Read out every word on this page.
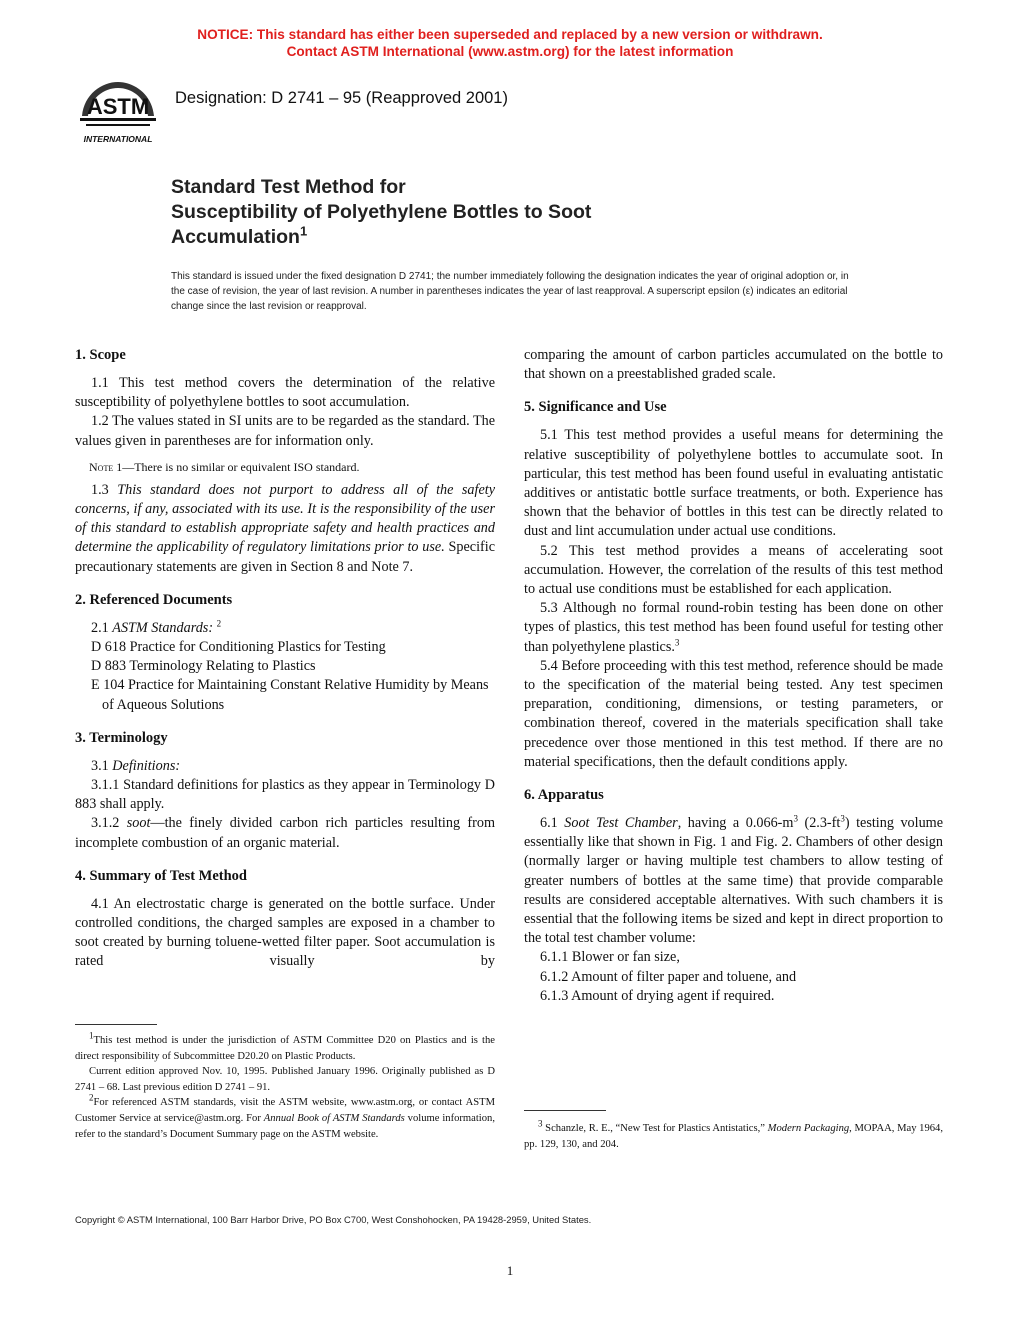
NOTICE: This standard has either been superseded and replaced by a new version or withdrawn.
Contact ASTM International (www.astm.org) for the latest information
ASTM
INTERNATIONAL
Designation: D 2741 – 95 (Reapproved 2001)
Standard Test Method for
Susceptibility of Polyethylene Bottles to Soot
Accumulation$^1$
This standard is issued under the fixed designation D 2741; the number immediately following the designation indicates the year of original adoption or, in the case of revision, the year of last revision. A number in parentheses indicates the year of last reapproval. A superscript epsilon (ε) indicates an editorial change since the last revision or reapproval.

1. Scope

1.1 This test method covers the determination of the relative susceptibility of polyethylene bottles to soot accumulation.

1.2 The values stated in SI units are to be regarded as the standard. The values given in parentheses are for information only.

Note 1—There is no similar or equivalent ISO standard.

1.3 This standard does not purport to address all of the safety concerns, if any, associated with its use. It is the responsibility of the user of this standard to establish appropriate safety and health practices and determine the applicability of regulatory limitations prior to use. Specific precautionary statements are given in Section 8 and Note 7.

2. Referenced Documents

2.1 ASTM Standards: $^2$

D 618 Practice for Conditioning Plastics for Testing

D 883 Terminology Relating to Plastics

E 104 Practice for Maintaining Constant Relative Humidity by Means of Aqueous Solutions

3. Terminology

3.1 Definitions:

3.1.1 Standard definitions for plastics as they appear in Terminology D 883 shall apply.

3.1.2 soot—the finely divided carbon rich particles resulting from incomplete combustion of an organic material.

4. Summary of Test Method

4.1 An electrostatic charge is generated on the bottle surface. Under controlled conditions, the charged samples are exposed in a chamber to soot created by burning toluene-wetted filter paper. Soot accumulation is rated visually by

comparing the amount of carbon particles accumulated on the bottle to that shown on a preestablished graded scale.

5. Significance and Use

5.1 This test method provides a useful means for determining the relative susceptibility of polyethylene bottles to accumulate soot. In particular, this test method has been found useful in evaluating antistatic additives or antistatic bottle surface treatments, or both. Experience has shown that the behavior of bottles in this test can be directly related to dust and lint accumulation under actual use conditions.

5.2 This test method provides a means of accelerating soot accumulation. However, the correlation of the results of this test method to actual use conditions must be established for each application.

5.3 Although no formal round-robin testing has been done on other types of plastics, this test method has been found useful for testing other than polyethylene plastics.$^3$

5.4 Before proceeding with this test method, reference should be made to the specification of the material being tested. Any test specimen preparation, conditioning, dimensions, or testing parameters, or combination thereof, covered in the materials specification shall take precedence over those mentioned in this test method. If there are no material specifications, then the default conditions apply.

6. Apparatus

6.1 Soot Test Chamber, having a $0.066-m^3$ $(2.3-ft^3)$ testing volume essentially like that shown in Fig. 1 and Fig. 2. Chambers of other design (normally larger or having multiple test chambers to allow testing of greater numbers of bottles at the same time) that provide comparable results are considered acceptable alternatives. With such chambers it is essential that the following items be sized and kept in direct proportion to the total test chamber volume:

6.1.1 Blower or fan size,

6.1.2 Amount of filter paper and toluene, and

6.1.3 Amount of drying agent if required.

$^1$This test method is under the jurisdiction of ASTM Committee D20 on Plastics and is the direct responsibility of Subcommittee D20.20 on Plastic Products.

Current edition approved Nov. 10, 1995. Published January 1996. Originally published as D 2741 – 68. Last previous edition D 2741 – 91.

$^2$For referenced ASTM standards, visit the ASTM website, www.astm.org, or contact ASTM Customer Service at service@astm.org. For Annual Book of ASTM Standards volume information, refer to the standard’s Document Summary page on the ASTM website.

$^3$ Schanzle, R. E., “New Test for Plastics Antistatics,” Modern Packaging, MOPAA, May 1964, pp. 129, 130, and 204.

Copyright © ASTM International, 100 Barr Harbor Drive, PO Box C700, West Conshohocken, PA 19428-2959, United States.
1
